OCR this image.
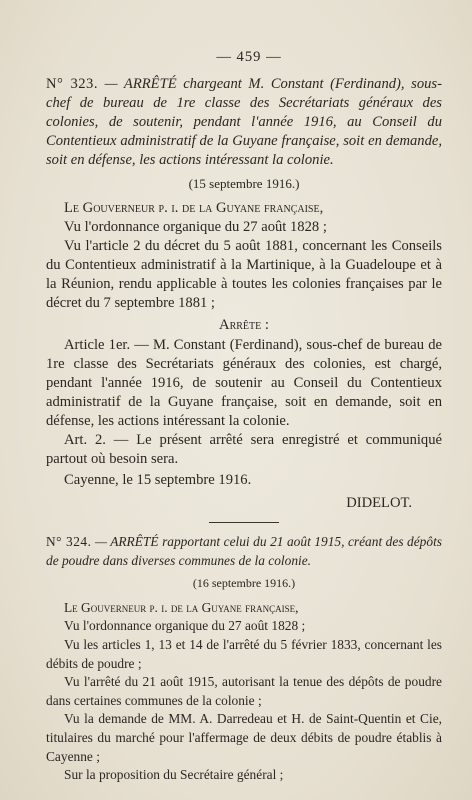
— 459 —

N° 323. — ARRÊTÉ chargeant M. Constant (Ferdinand), sous-chef de bureau de 1re classe des Secrétariats généraux des colonies, de soutenir, pendant l'année 1916, au Conseil du Contentieux administratif de la Guyane française, soit en demande, soit en défense, les actions intéressant la colonie.

(15 septembre 1916.)

Le Gouverneur p. i. de la Guyane française,

Vu l'ordonnance organique du 27 août 1828 ;

Vu l'article 2 du décret du 5 août 1881, concernant les Conseils du Contentieux administratif à la Martinique, à la Guadeloupe et à la Réunion, rendu applicable à toutes les colonies françaises par le décret du 7 septembre 1881 ;

Arrête :

Article 1er. — M. Constant (Ferdinand), sous-chef de bureau de 1re classe des Secrétariats généraux des colonies, est chargé, pendant l'année 1916, de soutenir au Conseil du Contentieux administratif de la Guyane française, soit en demande, soit en défense, les actions intéressant la colonie.

Art. 2. — Le présent arrêté sera enregistré et communiqué partout où besoin sera.

Cayenne, le 15 septembre 1916.

DIDELOT.

N° 324. — ARRÊTÉ rapportant celui du 21 août 1915, créant des dépôts de poudre dans diverses communes de la colonie.

(16 septembre 1916.)

Le Gouverneur p. i. de la Guyane française,

Vu l'ordonnance organique du 27 août 1828 ;

Vu les articles 1, 13 et 14 de l'arrêté du 5 février 1833, concernant les débits de poudre ;

Vu l'arrêté du 21 août 1915, autorisant la tenue des dépôts de poudre dans certaines communes de la colonie ;

Vu la demande de MM. A. Darredeau et H. de Saint-Quentin et Cie, titulaires du marché pour l'affermage de deux débits de poudre établis à Cayenne ;

Sur la proposition du Secrétaire général ;
